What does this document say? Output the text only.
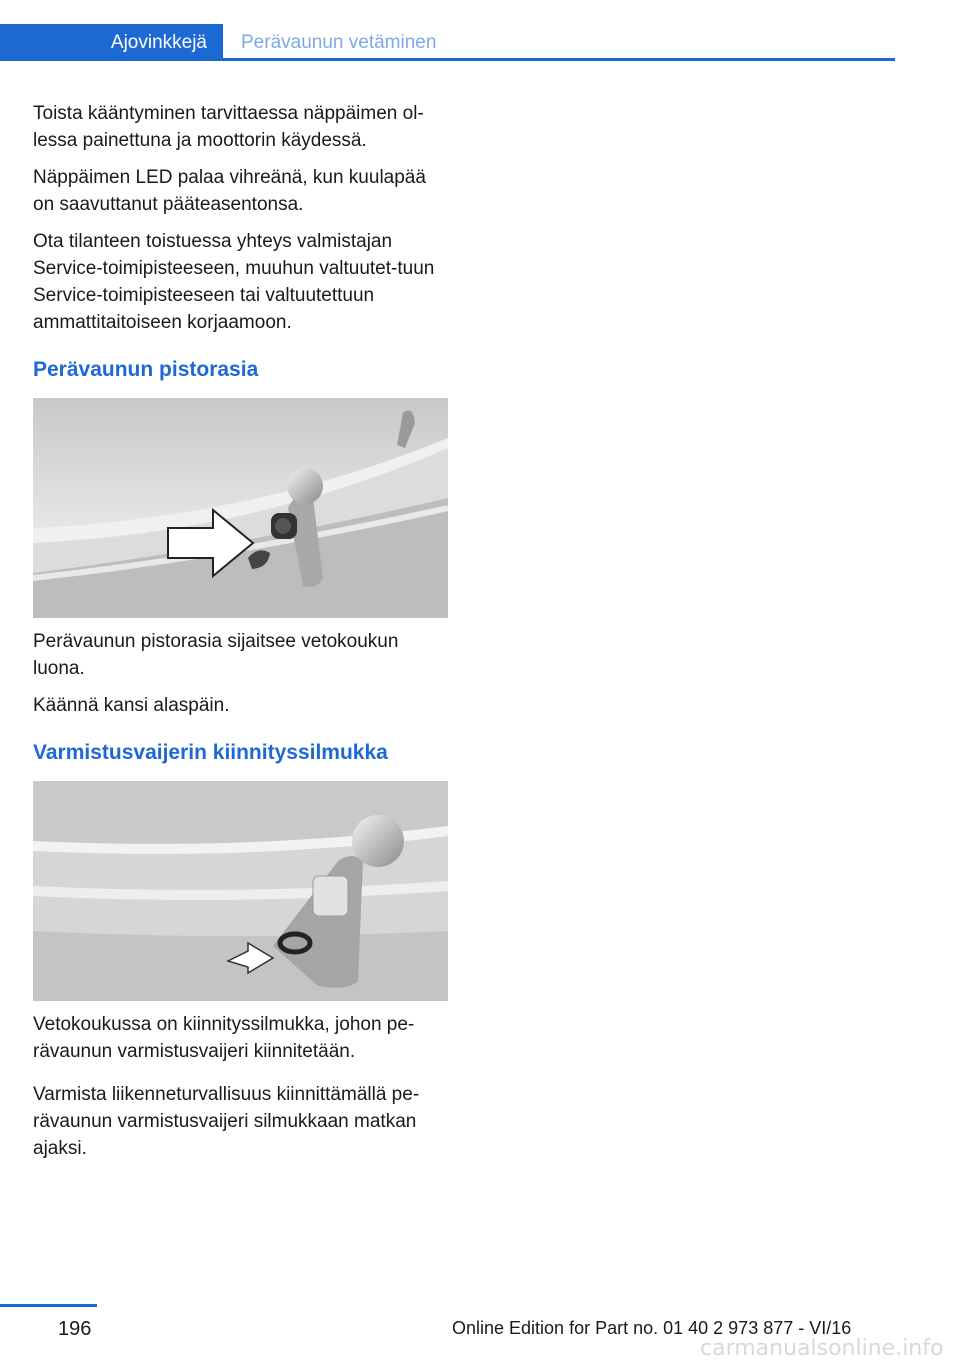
Ajovinkkejä	Perävaunun vetäminen

Toista kääntyminen tarvittaessa näppäimen ol‐lessa painettuna ja moottorin käydessä.

Näppäimen LED palaa vihreänä, kun kuulapää on saavuttanut pääteasentonsa.

Ota tilanteen toistuessa yhteys valmistajan Service-toimipisteeseen, muuhun valtuutet‐tuun Service-toimipisteeseen tai valtuutettuun ammattitaitoiseen korjaamoon.

Perävaunun pistorasia

Perävaunun pistorasia sijaitsee vetokoukun luona.

Käännä kansi alaspäin.

Varmistusvaijerin kiinnityssilmukka

Vetokoukussa on kiinnityssilmukka, johon pe‐rävaunun varmistusvaijeri kiinnitetään.

Varmista liikenneturvallisuus kiinnittämällä pe‐rävaunun varmistusvaijeri silmukkaan matkan ajaksi.

196	Online Edition for Part no. 01 40 2 973 877 - VI/16
carmanualsonline.info
